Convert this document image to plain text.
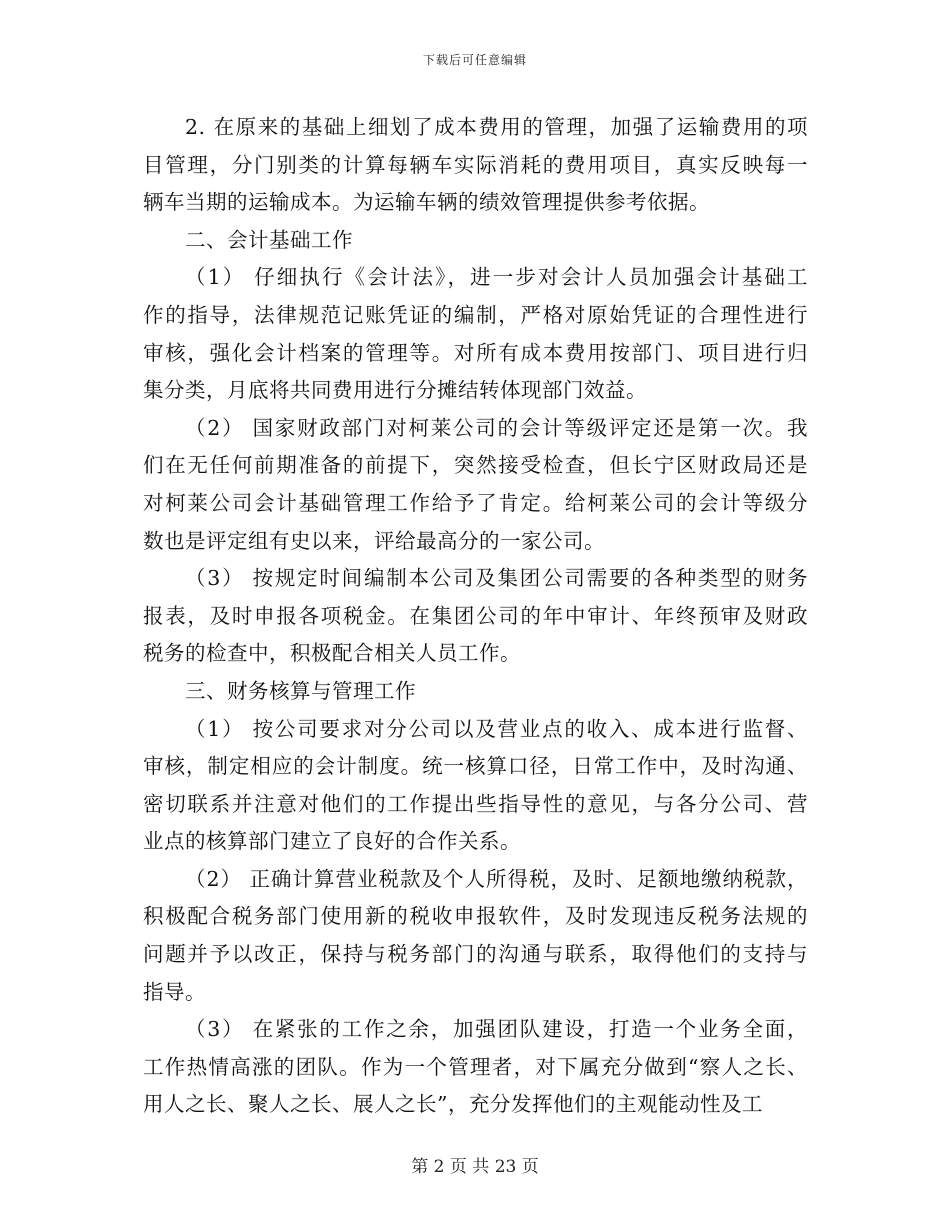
下载后可任意编辑
2. 在原来的基础上细划了成本费用的管理，加强了运输费用的项
目管理，分门别类的计算每辆车实际消耗的费用项目，真实反映每一
辆车当期的运输成本。为运输车辆的绩效管理提供参考依据。
二、会计基础工作
（1） 仔细执行《会计法》，进一步对会计人员加强会计基础工
作的指导，法律规范记账凭证的编制，严格对原始凭证的合理性进行
审核，强化会计档案的管理等。对所有成本费用按部门、项目进行归
集分类，月底将共同费用进行分摊结转体现部门效益。
（2） 国家财政部门对柯莱公司的会计等级评定还是第一次。我
们在无任何前期准备的前提下，突然接受检查，但长宁区财政局还是
对柯莱公司会计基础管理工作给予了肯定。给柯莱公司的会计等级分
数也是评定组有史以来，评给最高分的一家公司。
（3） 按规定时间编制本公司及集团公司需要的各种类型的财务
报表，及时申报各项税金。在集团公司的年中审计、年终预审及财政
税务的检查中，积极配合相关人员工作。
三、财务核算与管理工作
（1） 按公司要求对分公司以及营业点的收入、成本进行监督、
审核，制定相应的会计制度。统一核算口径，日常工作中，及时沟通、
密切联系并注意对他们的工作提出些指导性的意见，与各分公司、营
业点的核算部门建立了良好的合作关系。
（2） 正确计算营业税款及个人所得税，及时、足额地缴纳税款，
积极配合税务部门使用新的税收申报软件，及时发现违反税务法规的
问题并予以改正，保持与税务部门的沟通与联系，取得他们的支持与
指导。
（3） 在紧张的工作之余，加强团队建设，打造一个业务全面，
工作热情高涨的团队。作为一个管理者，对下属充分做到“察人之长、
用人之长、聚人之长、展人之长”，充分发挥他们的主观能动性及工
第 2 页 共 23 页
